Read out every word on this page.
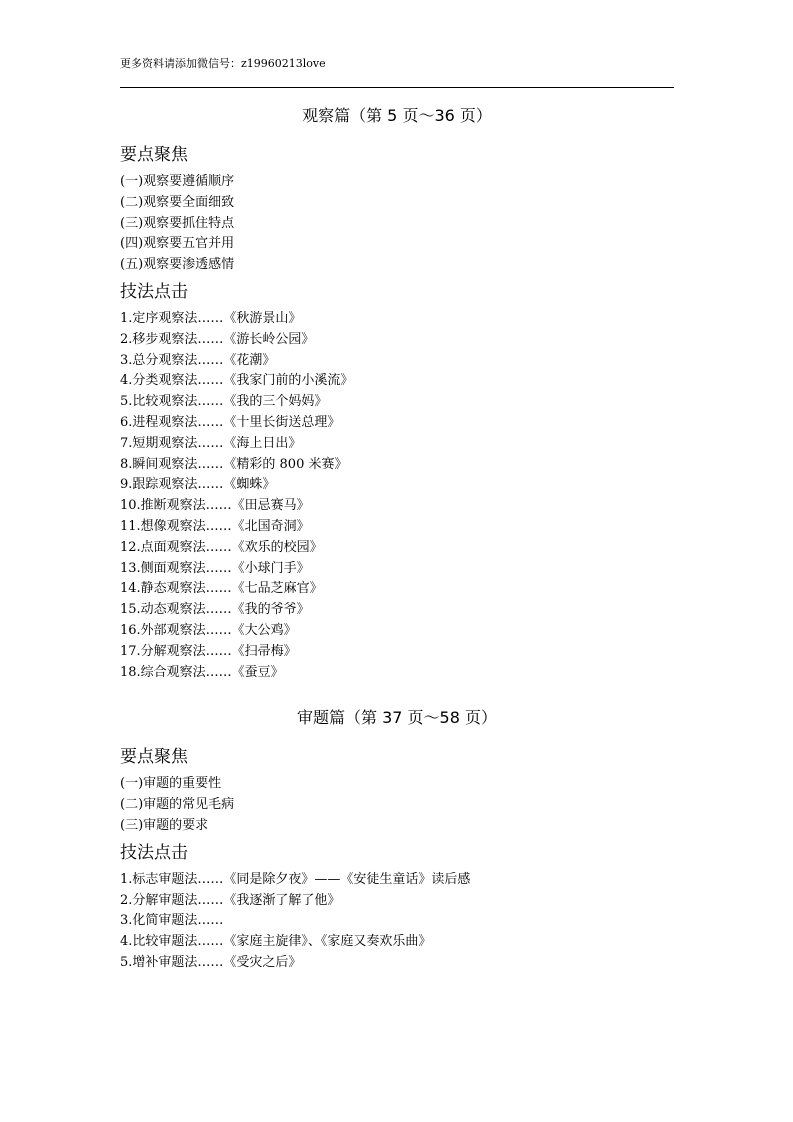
更多资料请添加微信号：z19960213love
观察篇（第 5 页～36 页）
要点聚焦
(一)观察要遵循顺序
(二)观察要全面细致
(三)观察要抓住特点
(四)观察要五官并用
(五)观察要渗透感情
技法点击
1.定序观察法……《秋游景山》
2.移步观察法……《游长岭公园》
3.总分观察法……《花潮》
4.分类观察法……《我家门前的小溪流》
5.比较观察法……《我的三个妈妈》
6.进程观察法……《十里长街送总理》
7.短期观察法……《海上日出》
8.瞬间观察法……《精彩的 800 米赛》
9.跟踪观察法……《蜘蛛》
10.推断观察法……《田忌赛马》
11.想像观察法……《北国奇洞》
12.点面观察法……《欢乐的校园》
13.侧面观察法……《小球门手》
14.静态观察法……《七品芝麻官》
15.动态观察法……《我的爷爷》
16.外部观察法……《大公鸡》
17.分解观察法……《扫帚梅》
18.综合观察法……《蚕豆》
审题篇（第 37 页～58 页）
要点聚焦
(一)审题的重要性
(二)审题的常见毛病
(三)审题的要求
技法点击
1.标志审题法……《同是除夕夜》——《安徒生童话》读后感
2.分解审题法……《我逐渐了解了他》
3.化简审题法……
4.比较审题法……《家庭主旋律》、《家庭又奏欢乐曲》
5.增补审题法……《受灾之后》
